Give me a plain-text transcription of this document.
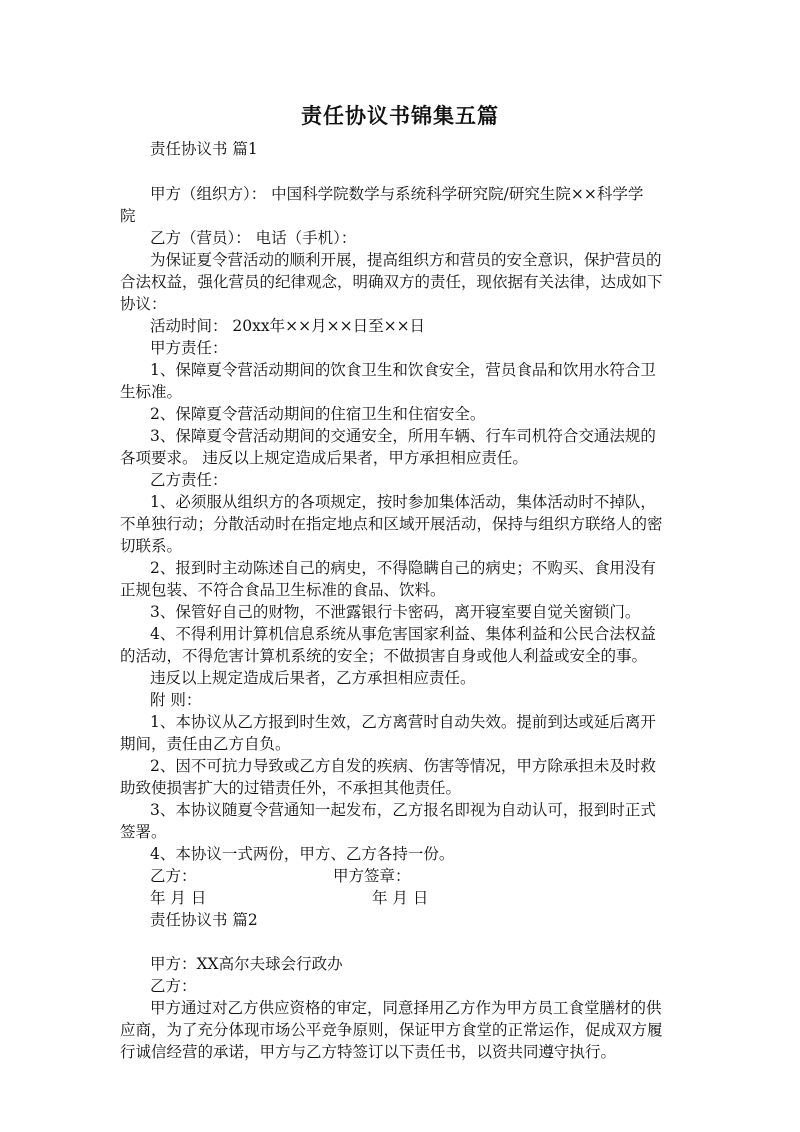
责任协议书锦集五篇
责任协议书 篇1
甲方（组织方）： 中国科学院数学与系统科学研究院/研究生院××科学学
院
乙方（营员）： 电话（手机）：
为保证夏令营活动的顺利开展，提高组织方和营员的安全意识，保护营员的
合法权益，强化营员的纪律观念，明确双方的责任，现依据有关法律，达成如下
协议：
活动时间： 20xx年××月××日至××日
甲方责任：
1、保障夏令营活动期间的饮食卫生和饮食安全，营员食品和饮用水符合卫
生标准。
2、保障夏令营活动期间的住宿卫生和住宿安全。
3、保障夏令营活动期间的交通安全，所用车辆、行车司机符合交通法规的
各项要求。 违反以上规定造成后果者，甲方承担相应责任。
乙方责任：
1、必须服从组织方的各项规定，按时参加集体活动，集体活动时不掉队，
不单独行动；分散活动时在指定地点和区域开展活动，保持与组织方联络人的密
切联系。
2、报到时主动陈述自己的病史，不得隐瞒自己的病史；不购买、食用没有
正规包装、不符合食品卫生标准的食品、饮料。
3、保管好自己的财物，不泄露银行卡密码，离开寝室要自觉关窗锁门。
4、不得利用计算机信息系统从事危害国家利益、集体利益和公民合法权益
的活动，不得危害计算机系统的安全；不做损害自身或他人利益或安全的事。
违反以上规定造成后果者，乙方承担相应责任。
附 则：
1、本协议从乙方报到时生效，乙方离营时自动失效。提前到达或延后离开
期间，责任由乙方自负。
2、因不可抗力导致或乙方自发的疾病、伤害等情况，甲方除承担未及时救
助致使损害扩大的过错责任外，不承担其他责任。
3、本协议随夏令营通知一起发布，乙方报名即视为自动认可，报到时正式
签署。
4、本协议一式两份，甲方、乙方各持一份。
乙方：	甲方签章：
年 月 日	年 月 日
责任协议书 篇2
甲方：XX高尔夫球会行政办
乙方：
甲方通过对乙方供应资格的审定，同意择用乙方作为甲方员工食堂膳材的供
应商，为了充分体现市场公平竞争原则，保证甲方食堂的正常运作，促成双方履
行诚信经营的承诺，甲方与乙方特签订以下责任书，以资共同遵守执行。
